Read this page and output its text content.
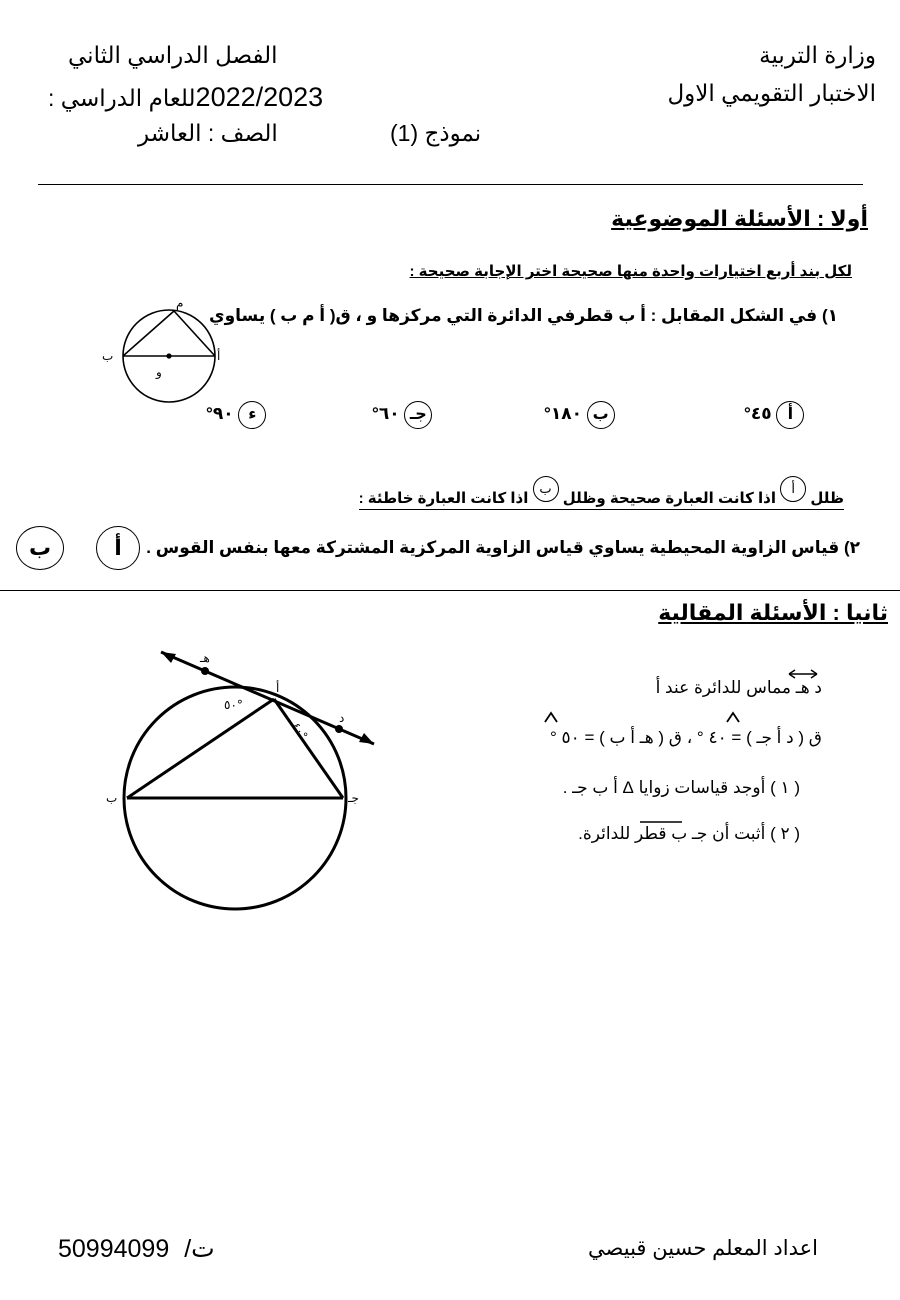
وزارة التربية
الاختبار التقويمي الاول
الفصل الدراسي الثاني
للعام الدراسي :2022/2023
الصف : العاشر	نموذج (1)
أولا : الأسئلة الموضوعية
لكل بند أربع اختيارات واحدة منها صحيحة اختر الإجابة صحيحة :
١) في الشكل المقابل : أ ب قطرفي الدائرة التي مركزها و ، ق( أ م ب ) يساوي
م
أ
ب
و
أ ٤٥°
ب ١٨٠°
جـ ٦٠°
ء ٩٠°
ظلل أ اذا كانت العبارة صحيحة وظلل ب اذا كانت العبارة خاطئة :
٢) قياس الزاوية المحيطية يساوي قياس الزاوية المركزية المشتركة معها بنفس القوس .
أ
ب
ثانيا : الأسئلة المقالية
د هـ مماس للدائرة عند أ
ق ( د أ جـ ) = ٤٠ ° ، ق ( هـ أ ب ) = ٥٠ °
( ١ ) أوجد قياسات زوايا Δ أ ب جـ .
( ٢ ) أثبت أن جـ ب قطر للدائرة.
هـ
أ
د
ب	جـ
٥٠°
٤٠°
اعداد المعلم حسين قبيصي
50994099 ت/
